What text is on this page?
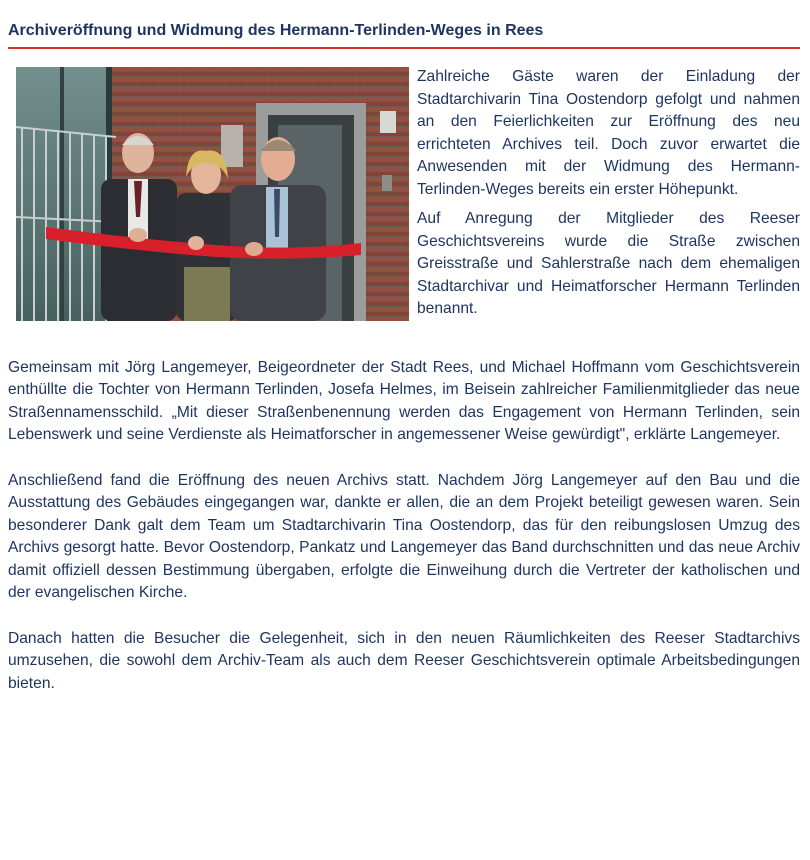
Archiveröffnung und Widmung des Hermann-Terlinden-Weges in Rees

Zahlreiche Gäste waren der Einladung der Stadtarchivarin Tina Oostendorp gefolgt und nahmen an den Feierlichkeiten zur Eröffnung des neu errichteten Archives teil. Doch zuvor erwartet die Anwesenden mit der Widmung des Hermann-Terlinden-Weges bereits ein erster Höhepunkt.

Auf Anregung der Mitglieder des Reeser Geschichtsvereins wurde die Straße zwischen Greisstraße und Sahlerstraße nach dem ehemaligen Stadtarchivar und Heimatforscher Hermann Terlinden benannt.

Gemeinsam mit Jörg Langemeyer, Beigeordneter der Stadt Rees, und Michael Hoffmann vom Geschichtsverein enthüllte die Tochter von Hermann Terlinden, Josefa Helmes, im Beisein zahlreicher Familienmitglieder das neue Straßennamensschild. „Mit dieser Straßenbenennung werden das Engagement von Hermann Terlinden, sein Lebenswerk und seine Verdienste als Heimatforscher in angemessener Weise gewürdigt", erklärte Langemeyer.

Anschließend fand die Eröffnung des neuen Archivs statt. Nachdem Jörg Langemeyer auf den Bau und die Ausstattung des Gebäudes eingegangen war, dankte er allen, die an dem Projekt beteiligt gewesen waren. Sein besonderer Dank galt dem Team um Stadtarchivarin Tina Oostendorp, das für den reibungslosen Umzug des Archivs gesorgt hatte. Bevor Oostendorp, Pankatz und Langemeyer das Band durchschnitten und das neue Archiv damit offiziell dessen Bestimmung übergaben, erfolgte die Einweihung durch die Vertreter der katholischen und der evangelischen Kirche.

Danach hatten die Besucher die Gelegenheit, sich in den neuen Räumlichkeiten des Reeser Stadtarchivs umzusehen, die sowohl dem Archiv-Team als auch dem Reeser Geschichtsverein optimale Arbeitsbedingungen bieten.
